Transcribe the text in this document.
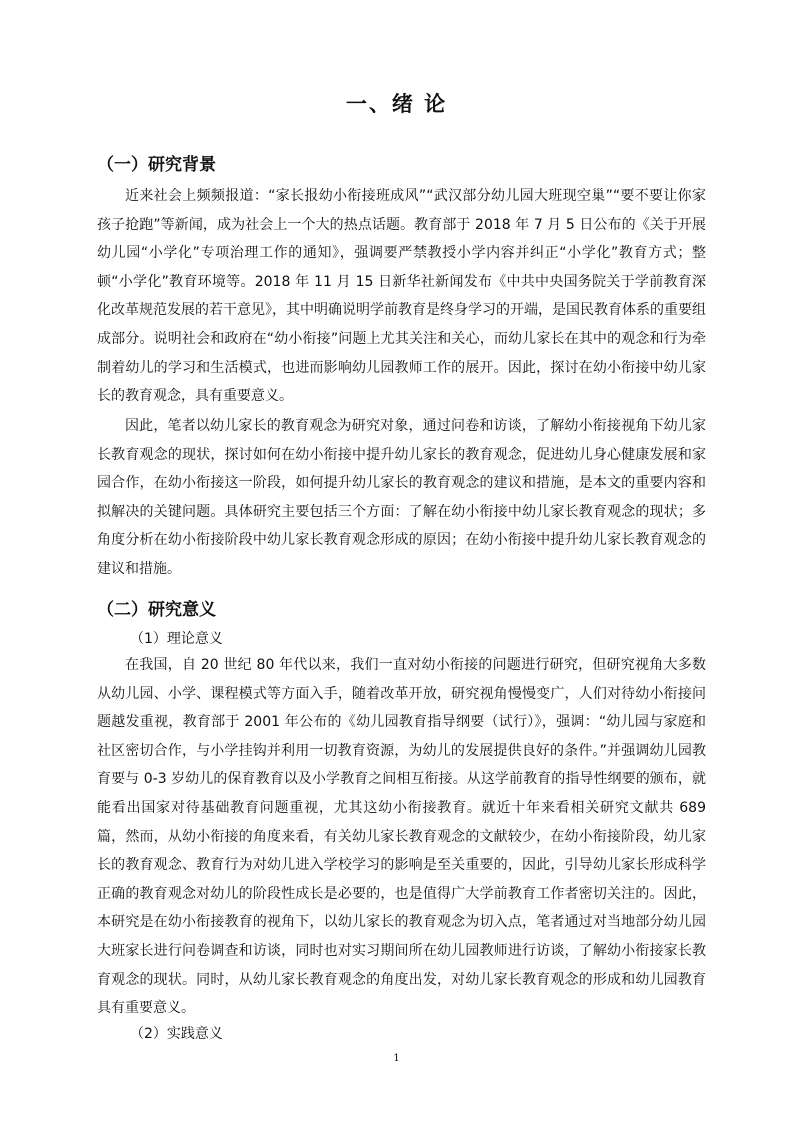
一、绪 论
（一）研究背景

近来社会上频频报道：“家长报幼小衔接班成风”“武汉部分幼儿园大班现空巢”“要不要让你家孩子抢跑”等新闻，成为社会上一个大的热点话题。教育部于 2018 年 7 月 5 日公布的《关于开展幼儿园“小学化”专项治理工作的通知》，强调要严禁教授小学内容并纠正“小学化”教育方式；整顿“小学化”教育环境等。2018 年 11 月 15 日新华社新闻发布《中共中央国务院关于学前教育深化改革规范发展的若干意见》，其中明确说明学前教育是终身学习的开端，是国民教育体系的重要组成部分。说明社会和政府在“幼小衔接”问题上尤其关注和关心，而幼儿家长在其中的观念和行为牵制着幼儿的学习和生活模式，也进而影响幼儿园教师工作的展开。因此，探讨在幼小衔接中幼儿家长的教育观念，具有重要意义。

因此，笔者以幼儿家长的教育观念为研究对象，通过问卷和访谈，了解幼小衔接视角下幼儿家长教育观念的现状，探讨如何在幼小衔接中提升幼儿家长的教育观念，促进幼儿身心健康发展和家园合作，在幼小衔接这一阶段，如何提升幼儿家长的教育观念的建议和措施，是本文的重要内容和拟解决的关键问题。具体研究主要包括三个方面：了解在幼小衔接中幼儿家长教育观念的现状；多角度分析在幼小衔接阶段中幼儿家长教育观念形成的原因；在幼小衔接中提升幼儿家长教育观念的建议和措施。

（二）研究意义
（1）理论意义

在我国，自 20 世纪 80 年代以来，我们一直对幼小衔接的问题进行研究，但研究视角大多数从幼儿园、小学、课程模式等方面入手，随着改革开放，研究视角慢慢变广，人们对待幼小衔接问题越发重视，教育部于 2001 年公布的《幼儿园教育指导纲要（试行）》，强调：“幼儿园与家庭和社区密切合作，与小学挂钩并利用一切教育资源，为幼儿的发展提供良好的条件。”并强调幼儿园教育要与 0-3 岁幼儿的保育教育以及小学教育之间相互衔接。从这学前教育的指导性纲要的颁布，就能看出国家对待基础教育问题重视，尤其这幼小衔接教育。就近十年来看相关研究文献共 689 篇，然而，从幼小衔接的角度来看，有关幼儿家长教育观念的文献较少，在幼小衔接阶段，幼儿家长的教育观念、教育行为对幼儿进入学校学习的影响是至关重要的，因此，引导幼儿家长形成科学正确的教育观念对幼儿的阶段性成长是必要的，也是值得广大学前教育工作者密切关注的。因此，本研究是在幼小衔接教育的视角下，以幼儿家长的教育观念为切入点，笔者通过对当地部分幼儿园大班家长进行问卷调查和访谈，同时也对实习期间所在幼儿园教师进行访谈，了解幼小衔接家长教育观念的现状。同时，从幼儿家长教育观念的角度出发，对幼儿家长教育观念的形成和幼儿园教育具有重要意义。

（2）实践意义
1
